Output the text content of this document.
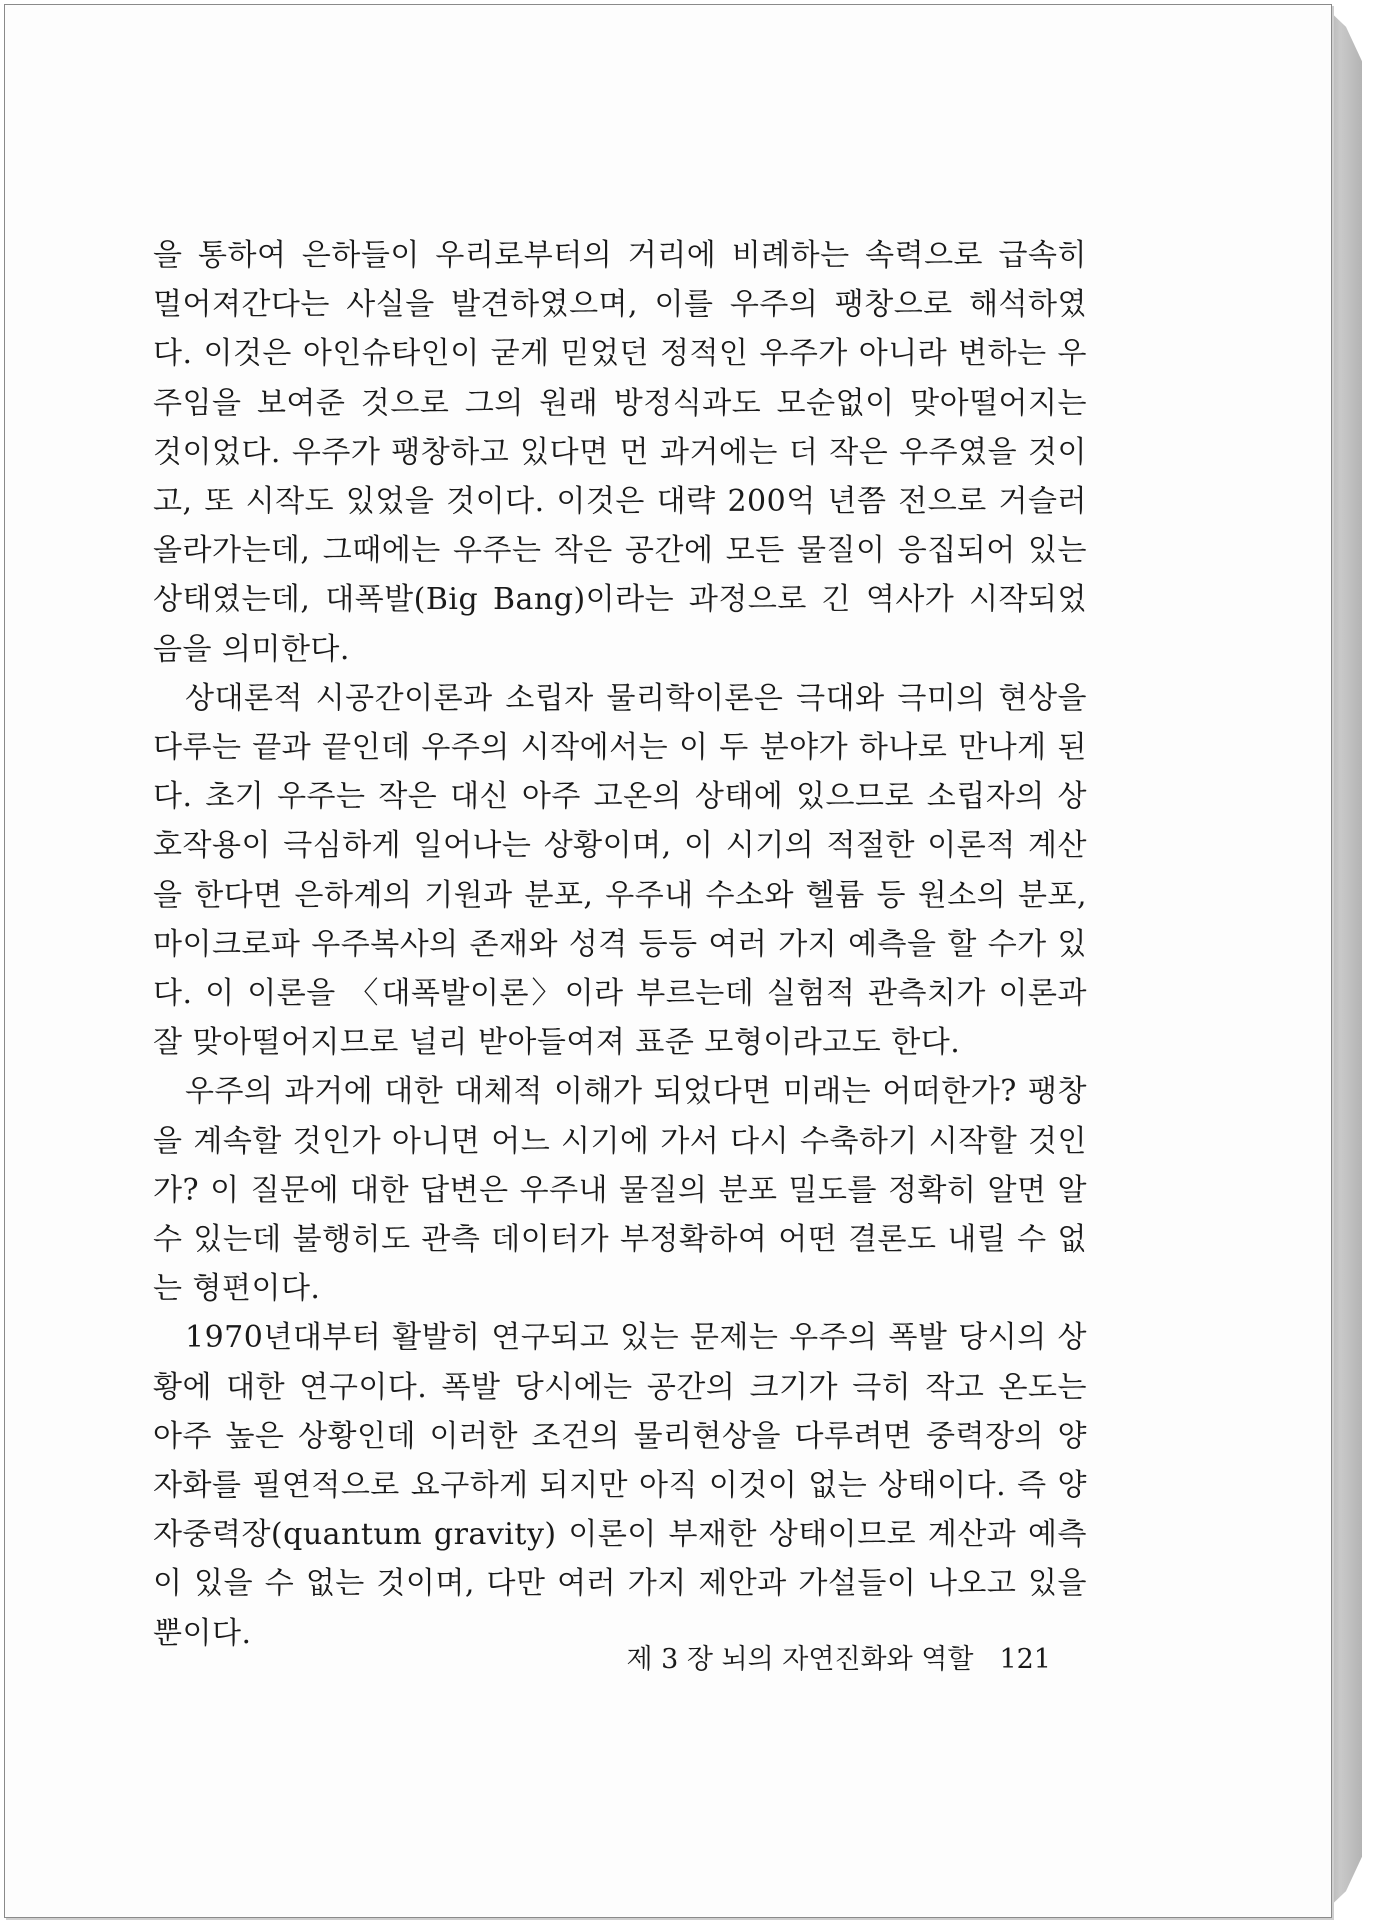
을 통하여 은하들이 우리로부터의 거리에 비례하는 속력으로 급속히 멀어져간다는 사실을 발견하였으며, 이를 우주의 팽창으로 해석하였다. 이것은 아인슈타인이 굳게 믿었던 정적인 우주가 아니라 변하는 우주임을 보여준 것으로 그의 원래 방정식과도 모순없이 맞아떨어지는 것이었다. 우주가 팽창하고 있다면 먼 과거에는 더 작은 우주였을 것이고, 또 시작도 있었을 것이다. 이것은 대략 200억 년쯤 전으로 거슬러올라가는데, 그때에는 우주는 작은 공간에 모든 물질이 응집되어 있는 상태였는데, 대폭발(Big Bang)이라는 과정으로 긴 역사가 시작되었음을 의미한다.

상대론적 시공간이론과 소립자 물리학이론은 극대와 극미의 현상을 다루는 끝과 끝인데 우주의 시작에서는 이 두 분야가 하나로 만나게 된다. 초기 우주는 작은 대신 아주 고온의 상태에 있으므로 소립자의 상호작용이 극심하게 일어나는 상황이며, 이 시기의 적절한 이론적 계산을 한다면 은하계의 기원과 분포, 우주내 수소와 헬륨 등 원소의 분포, 마이크로파 우주복사의 존재와 성격 등등 여러 가지 예측을 할 수가 있다. 이 이론을 〈대폭발이론〉이라 부르는데 실험적 관측치가 이론과 잘 맞아떨어지므로 널리 받아들여져 표준 모형이라고도 한다.

우주의 과거에 대한 대체적 이해가 되었다면 미래는 어떠한가? 팽창을 계속할 것인가 아니면 어느 시기에 가서 다시 수축하기 시작할 것인가? 이 질문에 대한 답변은 우주내 물질의 분포 밀도를 정확히 알면 알 수 있는데 불행히도 관측 데이터가 부정확하여 어떤 결론도 내릴 수 없는 형편이다.

1970년대부터 활발히 연구되고 있는 문제는 우주의 폭발 당시의 상황에 대한 연구이다. 폭발 당시에는 공간의 크기가 극히 작고 온도는 아주 높은 상황인데 이러한 조건의 물리현상을 다루려면 중력장의 양자화를 필연적으로 요구하게 되지만 아직 이것이 없는 상태이다. 즉 양자중력장(quantum gravity) 이론이 부재한 상태이므로 계산과 예측이 있을 수 없는 것이며, 다만 여러 가지 제안과 가설들이 나오고 있을 뿐이다.

제 3 장 뇌의 자연진화와 역할 121
